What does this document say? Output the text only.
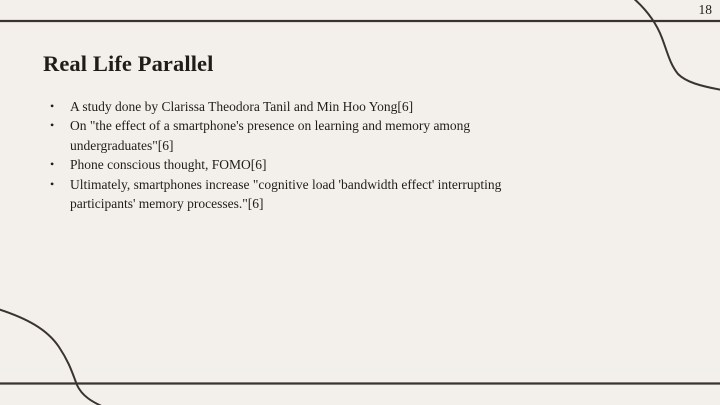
18
Real Life Parallel
•	A study done by Clarissa Theodora Tanil and Min Hoo Yong[6]
•	On "the effect of a smartphone's presence on learning and memory among undergraduates"[6]
•	Phone conscious thought, FOMO[6]
•	Ultimately, smartphones increase "cognitive load 'bandwidth effect' interrupting participants' memory processes."[6]
